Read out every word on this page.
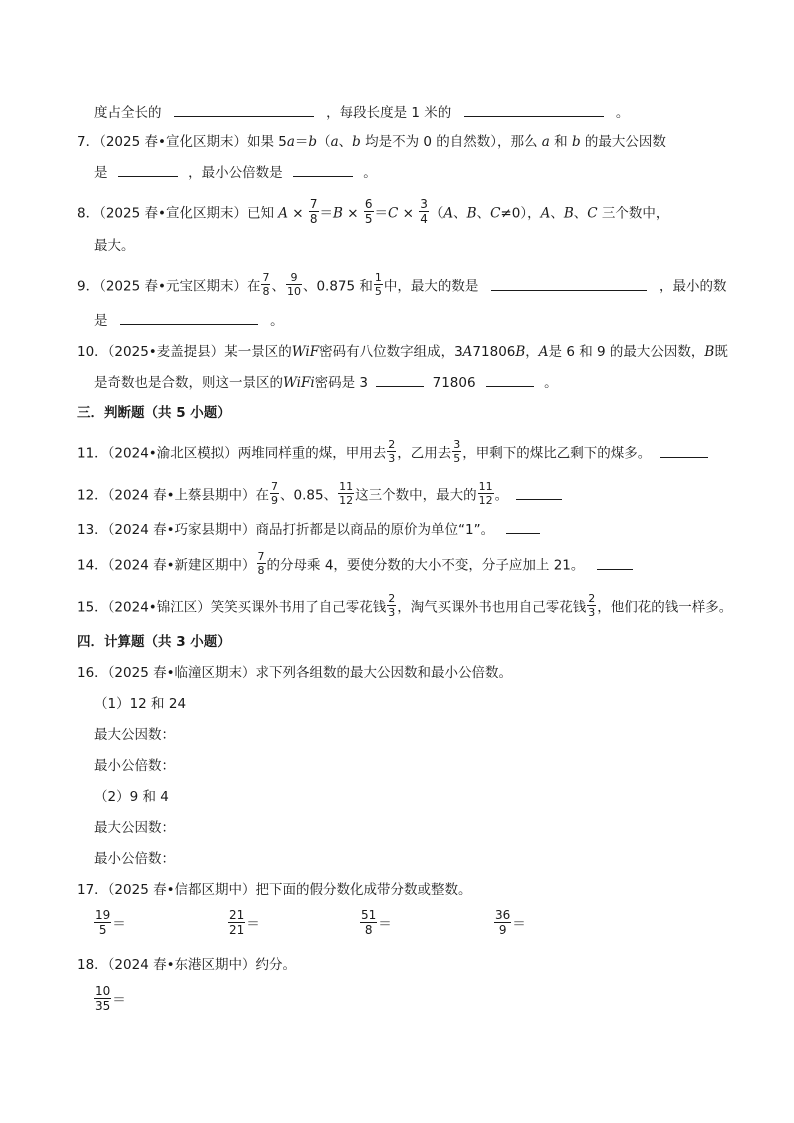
度占全长的	，每段长度是 1 米的	。
7．（2025 春•宣化区期末）如果 5a＝b（a、b 均是不为 0 的自然数），那么 a 和 b 的最大公因数
是	，最小公倍数是	。
8．（2025 春•宣化区期末）已知 $A \times \frac{7}{8} =B \times \frac{6}{5} =C \times \frac{3}{4} (A$、B、C≠0），A、B、C 三个数中，
最大。
9．（2025 春•元宝区期末）在 $\frac{7}{8}$ 、 $\frac{9}{10}$ 、0.875 和 $\frac{1}{5}$ 中，最大的数是	，最小的数
是	。
10．（2025•麦盖提县）某一景区的WiF密码有八位数字组成，3A71806B，A是 6 和 9 的最大公因数，B既
是奇数也是合数，则这一景区的WiFi密码是 3	71806	。
三．判断题（共 5 小题）
11．（2024•渝北区模拟）两堆同样重的煤，甲用去 $\frac{2}{3}$ ，乙用去 $\frac{3}{5}$ ，甲剩下的煤比乙剩下的煤多。
12．（2024 春•上蔡县期中）在 $\frac{7}{9}$ 、0.85、 $\frac{11}{12}$ 这三个数中，最大的 $\frac{11}{12}$ 。
13．（2024 春•巧家县期中）商品打折都是以商品的原价为单位“1”。
14．（2024 春•新建区期中） $\frac{7}{8}$ 的分母乘 4，要使分数的大小不变，分子应加上 21。
15．（2024•锦江区）笑笑买课外书用了自己零花钱 $\frac{2}{3}$ ，淘气买课外书也用自己零花钱 $\frac{2}{3}$ ，他们花的钱一样多。
四．计算题（共 3 小题）
16．（2025 春•临潼区期末）求下列各组数的最大公因数和最小公倍数。
（1）12 和 24
最大公因数：
最小公倍数：
（2）9 和 4
最大公因数：
最小公倍数：
17．（2025 春•信都区期中）把下面的假分数化成带分数或整数。
$\frac{19}{5}$ ＝	$\frac{21}{21}$ ＝	$\frac{51}{8}$ ＝	$\frac{36}{9}$ ＝
18．（2024 春•东港区期中）约分。
$\frac{10}{35}$ ＝
